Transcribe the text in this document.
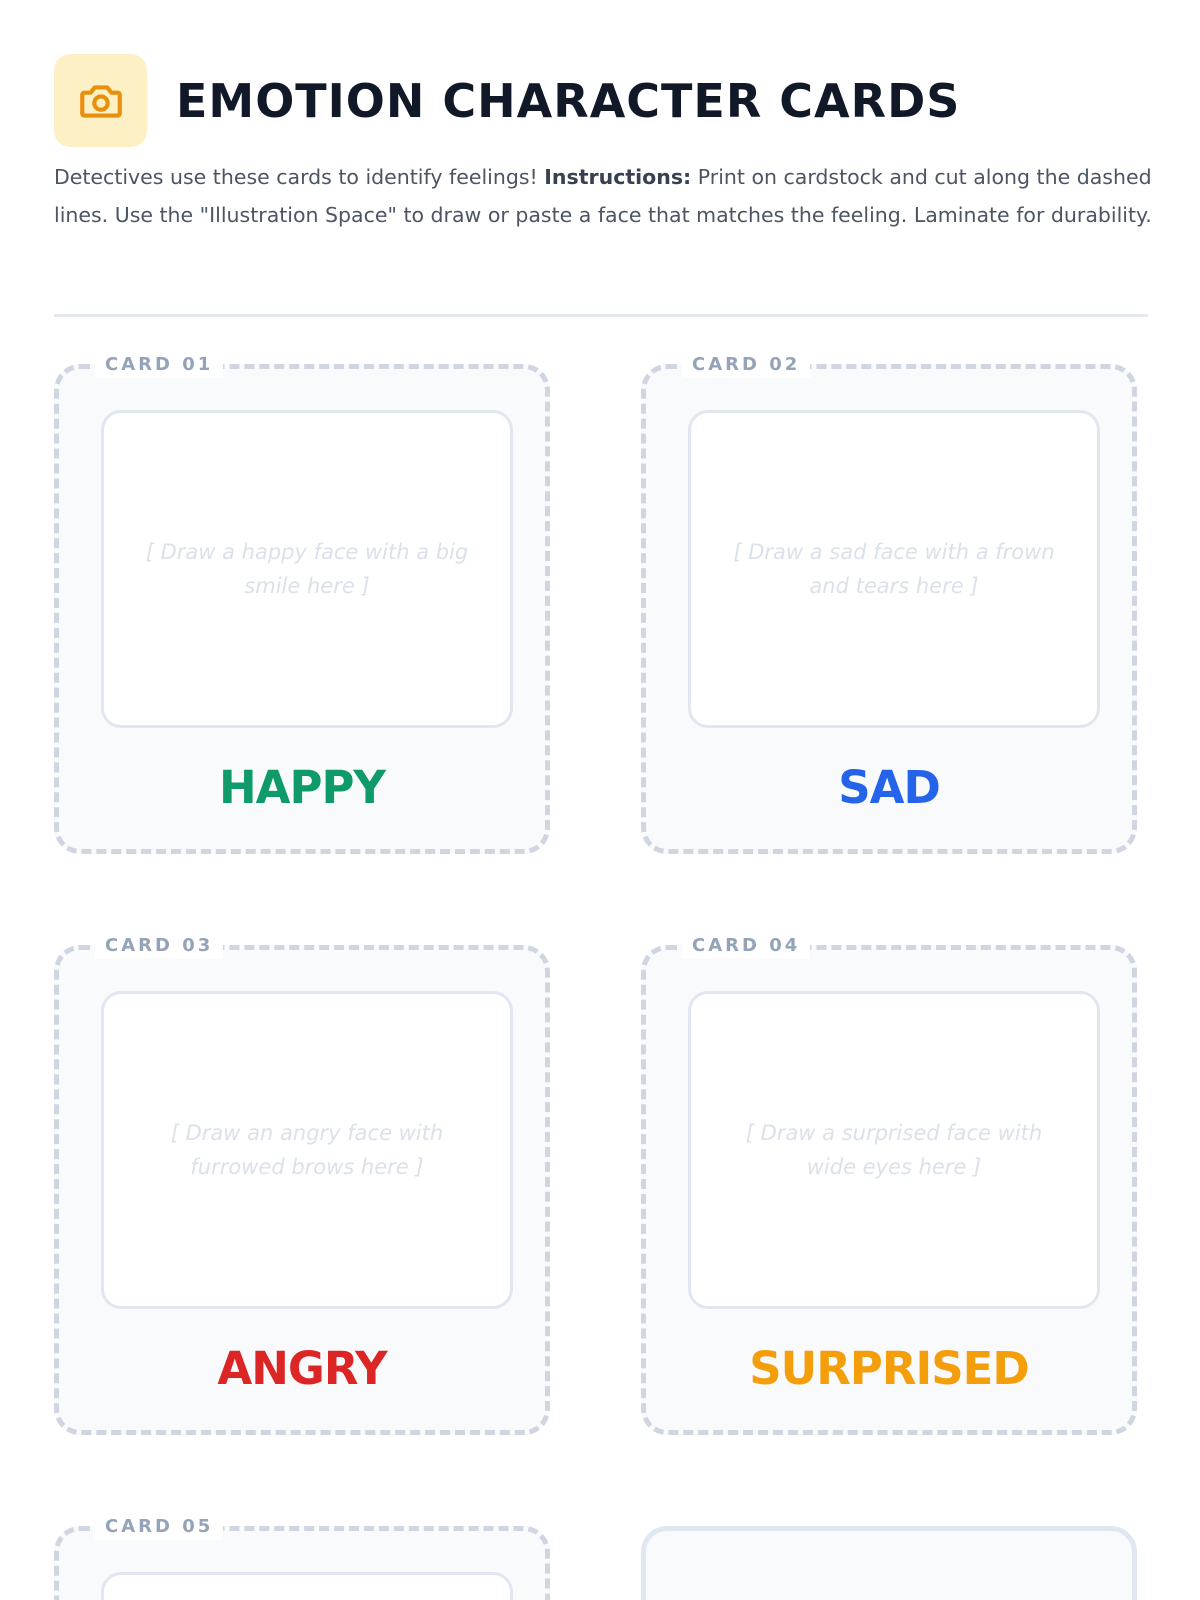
EMOTION CHARACTER CARDS

Detectives use these cards to identify feelings! Instructions: Print on cardstock and cut along the dashed lines. Use the "Illustration Space" to draw or paste a face that matches the feeling. Laminate for durability.

CARD 01
[ Draw a happy face with a big smile here ]
HAPPY
CARD 02
[ Draw a sad face with a frown and tears here ]
SAD
CARD 03
[ Draw an angry face with furrowed brows here ]
ANGRY
CARD 04
[ Draw a surprised face with wide eyes here ]
SURPRISED
CARD 05
